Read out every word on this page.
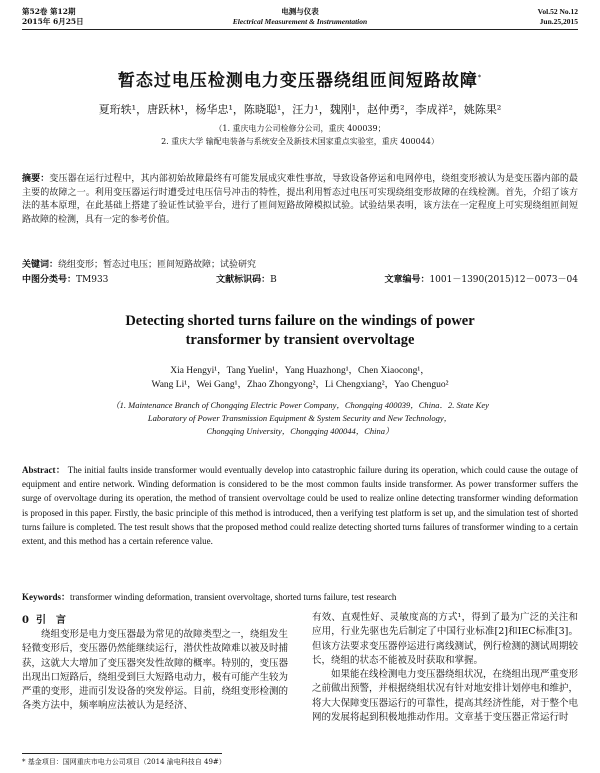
第52卷 第12期
2015年 6月25日
电测与仪表
Electrical Measurement & Instrumentation
Vol.52 No.12
Jun.25,2015
暂态过电压检测电力变压器绕组匝间短路故障*
夏珩轶¹，唐跃林¹，杨华忠¹，陈晓聪¹，汪力¹，魏刚¹，赵仲勇²，李成祥²，姚陈果²
（1. 重庆电力公司检修分公司，重庆 400039；
2. 重庆大学 输配电装备与系统安全及新技术国家重点实验室，重庆 400044）
摘要：变压器在运行过程中，其内部初始故障最终有可能发展成灾难性事故，导致设备停运和电网停电，绕组变形被认为是变压器内部的最主要的故障之一。利用变压器运行时遭受过电压信号冲击的特性，提出利用暂态过电压可实现绕组变形故障的在线检测。首先，介绍了该方法的基本原理，在此基础上搭建了验证性试验平台，进行了匝间短路故障模拟试验。试验结果表明，该方法在一定程度上可实现绕组匝间短路故障的检测，具有一定的参考价值。
关键词：绕组变形；暂态过电压；匝间短路故障；试验研究
中图分类号：TM933	文献标识码：B	文章编号：1001－1390(2015)12－0073－04
Detecting shorted turns failure on the windings of power
transformer by transient overvoltage
Xia Hengyi¹，Tang Yuelin¹，Yang Huazhong¹，Chen Xiaocong¹，
Wang Li¹，Wei Gang¹，Zhao Zhongyong²，Li Chengxiang²，Yao Chenguo²
（1. Maintenance Branch of Chongqing Electric Power Company，Chongqing 400039，China．2. State Key
Laboratory of Power Transmission Equipment & System Security and New Technology，
Chongqing University，Chongqing 400044，China）
Abstract： The initial faults inside transformer would eventually develop into catastrophic failure during its operation, which could cause the outage of equipment and entire network. Winding deformation is considered to be the most common faults inside transformer. As power transformer suffers the surge of overvoltage during its operation, the method of transient overvoltage could be used to realize online detecting transformer winding deformation is proposed in this paper. Firstly, the basic principle of this method is introduced, then a verifying test platform is set up, and the simulation test of shorted turns failure is completed. The test result shows that the proposed method could realize detecting shorted turns failures of transformer winding to a certain extent, and this method has a certain reference value.
Keywords：transformer winding deformation, transient overvoltage, shorted turns failure, test research
0 引　言
　　绕组变形是电力变压器最为常见的故障类型之一，绕组发生轻微变形后，变压器仍然能继续运行，潜伏性故障难以被及时捕获，这就大大增加了变压器突发性故障的概率。特别的，变压器出现出口短路后，绕组受到巨大短路电动力，极有可能产生较为严重的变形，进而引发设备的突发停运。目前，绕组变形检测的各类方法中，频率响应法被认为是经济、
有效、直观性好、灵敏度高的方式¹，得到了最为广泛的关注和应用，行业先驱也先后制定了中国行业标准[2]和IEC标准[3]。但该方法要求变压器停运进行离线测试，例行检测的测试周期较长，绕组的状态不能被及时获取和掌握。
　　如果能在线检测电力变压器绕组状况，在绕组出现严重变形之前做出预警，并根据绕组状况有针对地安排计划停电和维护，将大大保障变压器运行的可靠性，提高其经济性能，对于整个电网的发展将起到积极地推动作用。文章基于变压器正常运行时
* 基金项目：国网重庆市电力公司项目（2014 渝电科技自 49#）
